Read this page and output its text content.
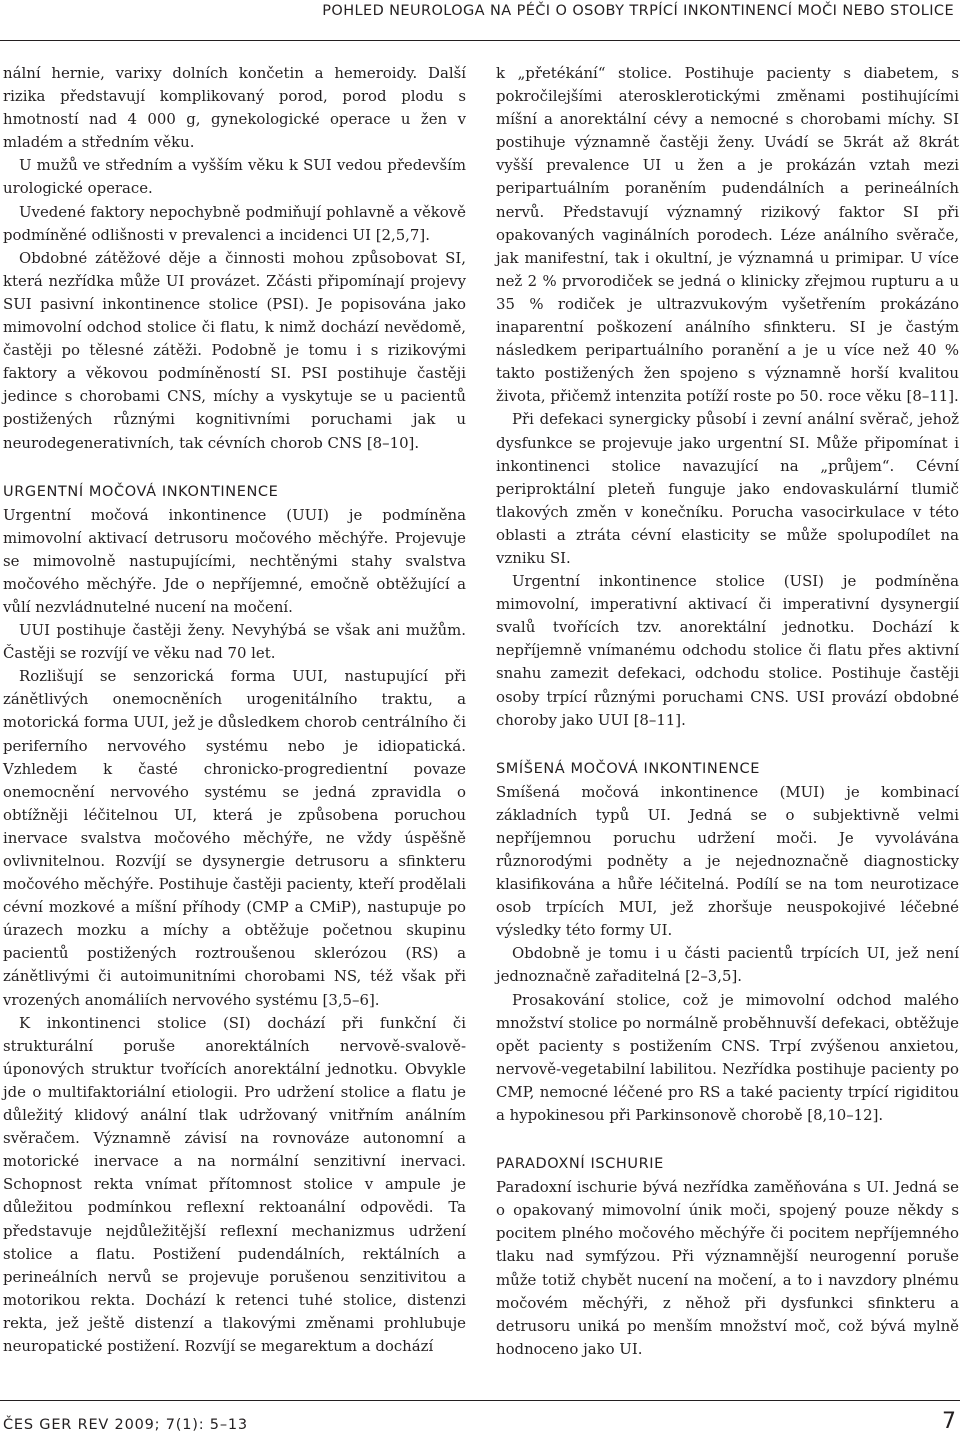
POHLED NEUROLOGA NA PÉČI O OSOBY TRPÍCÍ INKONTINENCÍ MOČI NEBO STOLICE

nální hernie, varixy dolních končetin a hemeroidy. Další rizika představují komplikovaný porod, porod plodu s hmotností nad 4 000 g, gynekologické operace u žen v mladém a středním věku.

U mužů ve středním a vyšším věku k SUI vedou především urologické operace.

Uvedené faktory nepochybně podmiňují pohlavně a věkově podmíněné odlišnosti v prevalenci a incidenci UI [2,5,7].

Obdobné zátěžové děje a činnosti mohou způsobovat SI, která nezřídka může UI provázet. Zčásti připomínají projevy SUI pasivní inkontinence stolice (PSI). Je popisována jako mimovolní odchod stolice či flatu, k nimž dochází nevědomě, častěji po tělesné zátěži. Podobně je tomu i s rizikovými faktory a věkovou podmíněností SI. PSI postihuje častěji jedince s chorobami CNS, míchy a vyskytuje se u pacientů postižených různými kognitivními poruchami jak u neurodegenerativních, tak cévních chorob CNS [8–10].

URGENTNÍ MOČOVÁ INKONTINENCE

Urgentní močová inkontinence (UUI) je podmíněna mimovolní aktivací detrusoru močového měchýře. Projevuje se mimovolně nastupujícími, nechtěnými stahy svalstva močového měchýře. Jde o nepříjemné, emočně obtěžující a vůlí nezvládnutelné nucení na močení.

UUI postihuje častěji ženy. Nevyhýbá se však ani mužům. Častěji se rozvíjí ve věku nad 70 let.

Rozlišují se senzorická forma UUI, nastupující při zánětlivých onemocněních urogenitálního traktu, a motorická forma UUI, jež je důsledkem chorob centrálního či periferního nervového systému nebo je idiopatická. Vzhledem k časté chronicko-progredientní povaze onemocnění nervového systému se jedná zpravidla o obtížněji léčitelnou UI, která je způsobena poruchou inervace svalstva močového měchýře, ne vždy úspěšně ovlivnitelnou. Rozvíjí se dysynergie detrusoru a sfinkteru močového měchýře. Postihuje častěji pacienty, kteří prodělali cévní mozkové a míšní příhody (CMP a CMiP), nastupuje po úrazech mozku a míchy a obtěžuje početnou skupinu pacientů postižených roztroušenou sklerózou (RS) a zánětlivými či autoimunitními chorobami NS, též však při vrozených anomáliích nervového systému [3,5–6].

K inkontinenci stolice (SI) dochází při funkční či strukturální poruše anorektálních nervově-svalově-úponových struktur tvořících anorektální jednotku. Obvykle jde o multifaktoriální etiologii. Pro udržení stolice a flatu je důležitý klidový anální tlak udržovaný vnitřním análním svěračem. Významně závisí na rovnováze autonomní a motorické inervace a na normální senzitivní inervaci. Schopnost rekta vnímat přítomnost stolice v ampule je důležitou podmínkou reflexní rektoanální odpovědi. Ta představuje nejdůležitější reflexní mechanizmus udržení stolice a flatu. Postižení pudendálních, rektálních a perineálních nervů se projevuje porušenou senzitivitou a motorikou rekta. Dochází k retenci tuhé stolice, distenzi rekta, jež ještě distenzí a tlakovými změnami prohlubuje neuropatické postižení. Rozvíjí se megarektum a dochází

k „přetékání“ stolice. Postihuje pacienty s diabetem, s pokročilejšími aterosklerotickými změnami postihujícími míšní a anorektální cévy a nemocné s chorobami míchy. SI postihuje významně častěji ženy. Uvádí se 5krát až 8krát vyšší prevalence UI u žen a je prokázán vztah mezi peripartuálním poraněním pudendálních a perineálních nervů. Představují významný rizikový faktor SI při opakovaných vaginálních porodech. Léze análního svěrače, jak manifestní, tak i okultní, je významná u primipar. U více než 2 % prvorodiček se jedná o klinicky zřejmou rupturu a u 35 % rodiček je ultrazvukovým vyšetřením prokázáno inaparentní poškození análního sfinkteru. SI je častým následkem peripartuálního poranění a je u více než 40 % takto postižených žen spojeno s významně horší kvalitou života, přičemž intenzita potíží roste po 50. roce věku [8–11].

Při defekaci synergicky působí i zevní anální svěrač, jehož dysfunkce se projevuje jako urgentní SI. Může připomínat i inkontinenci stolice navazující na „průjem“. Cévní periproktální pleteň funguje jako endovaskulární tlumič tlakových změn v konečníku. Porucha vasocirkulace v této oblasti a ztráta cévní elasticity se může spolupodílet na vzniku SI.

Urgentní inkontinence stolice (USI) je podmíněna mimovolní, imperativní aktivací či imperativní dysynergií svalů tvořících tzv. anorektální jednotku. Dochází k nepříjemně vnímanému odchodu stolice či flatu přes aktivní snahu zamezit defekaci, odchodu stolice. Postihuje častěji osoby trpící různými poruchami CNS. USI provází obdobné choroby jako UUI [8–11].

SMÍŠENÁ MOČOVÁ INKONTINENCE

Smíšená močová inkontinence (MUI) je kombinací základních typů UI. Jedná se o subjektivně velmi nepříjemnou poruchu udržení moči. Je vyvolávána různorodými podněty a je nejednoznačně diagnosticky klasifikována a hůře léčitelná. Podílí se na tom neurotizace osob trpících MUI, jež zhoršuje neuspokojivé léčebné výsledky této formy UI.

Obdobně je tomu i u části pacientů trpících UI, jež není jednoznačně zařaditelná [2–3,5].

Prosakování stolice, což je mimovolní odchod malého množství stolice po normálně proběhnuvší defekaci, obtěžuje opět pacienty s postižením CNS. Trpí zvýšenou anxietou, nervově-vegetabilní labilitou. Nezřídka postihuje pacienty po CMP, nemocné léčené pro RS a také pacienty trpící rigiditou a hypokinesou při Parkinsonově chorobě [8,10–12].

PARADOXNÍ ISCHURIE

Paradoxní ischurie bývá nezřídka zaměňována s UI. Jedná se o opakovaný mimovolní únik moči, spojený pouze někdy s pocitem plného močového měchýře či pocitem nepříjemného tlaku nad symfýzou. Při významnější neurogenní poruše může totiž chybět nucení na močení, a to i navzdory plnému močovém měchýři, z něhož při dysfunkci sfinkteru a detrusoru uniká po menším množství moč, což bývá mylně hodnoceno jako UI.

ČES GER REV 2009; 7(1): 5–13	7
